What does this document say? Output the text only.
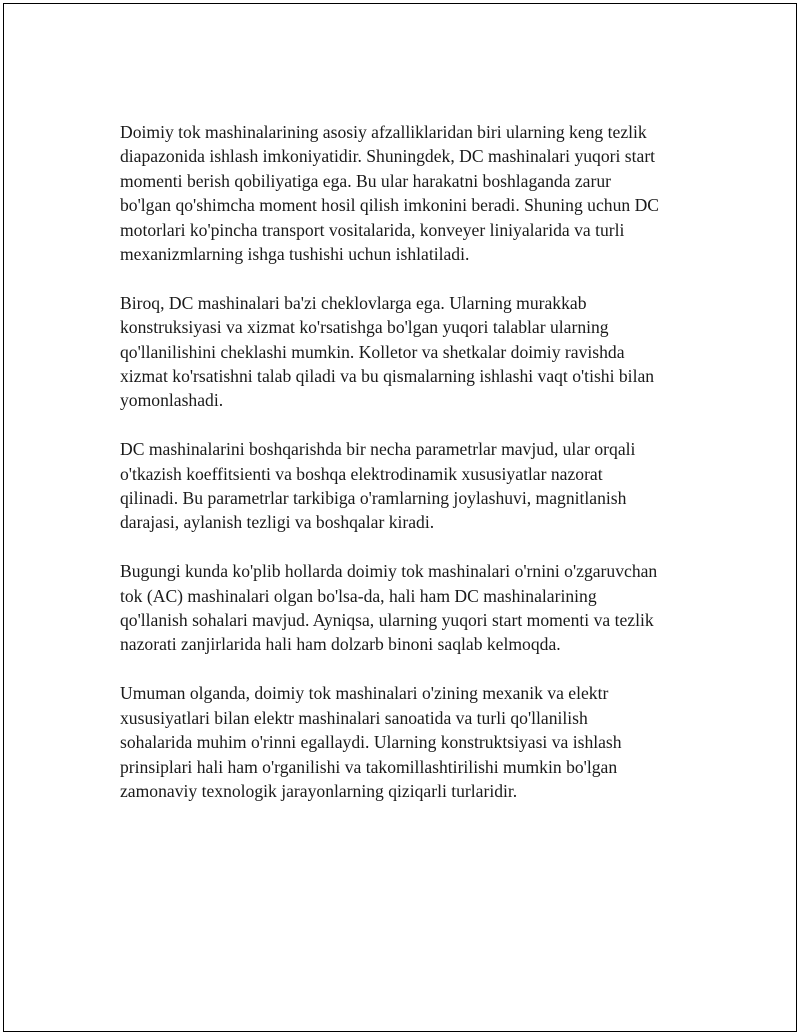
Doimiy tok mashinalarining asosiy afzalliklaridan biri ularning keng tezlik
diapazonida ishlash imkoniyatidir. Shuningdek, DC mashinalari yuqori start
momenti berish qobiliyatiga ega. Bu ular harakatni boshlaganda zarur
bo'lgan qo'shimcha moment hosil qilish imkonini beradi. Shuning uchun DC
motorlari ko'pincha transport vositalarida, konveyer liniyalarida va turli
mexanizmlarning ishga tushishi uchun ishlatiladi.

Biroq, DC mashinalari ba'zi cheklovlarga ega. Ularning murakkab
konstruksiyasi va xizmat ko'rsatishga bo'lgan yuqori talablar ularning
qo'llanilishini cheklashi mumkin. Kolletor va shetkalar doimiy ravishda
xizmat ko'rsatishni talab qiladi va bu qismalarning ishlashi vaqt o'tishi bilan
yomonlashadi.

DC mashinalarini boshqarishda bir necha parametrlar mavjud, ular orqali
o'tkazish koeffitsienti va boshqa elektrodinamik xususiyatlar nazorat
qilinadi. Bu parametrlar tarkibiga o'ramlarning joylashuvi, magnitlanish
darajasi, aylanish tezligi va boshqalar kiradi.

Bugungi kunda ko'plib hollarda doimiy tok mashinalari o'rnini o'zgaruvchan
tok (AC) mashinalari olgan bo'lsa-da, hali ham DC mashinalarining
qo'llanish sohalari mavjud. Ayniqsa, ularning yuqori start momenti va tezlik
nazorati zanjirlarida hali ham dolzarb binoni saqlab kelmoqda.

Umuman olganda, doimiy tok mashinalari o'zining mexanik va elektr
xususiyatlari bilan elektr mashinalari sanoatida va turli qo'llanilish
sohalarida muhim o'rinni egallaydi. Ularning konstruktsiyasi va ishlash
prinsiplari hali ham o'rganilishi va takomillashtirilishi mumkin bo'lgan
zamonaviy texnologik jarayonlarning qiziqarli turlaridir.
